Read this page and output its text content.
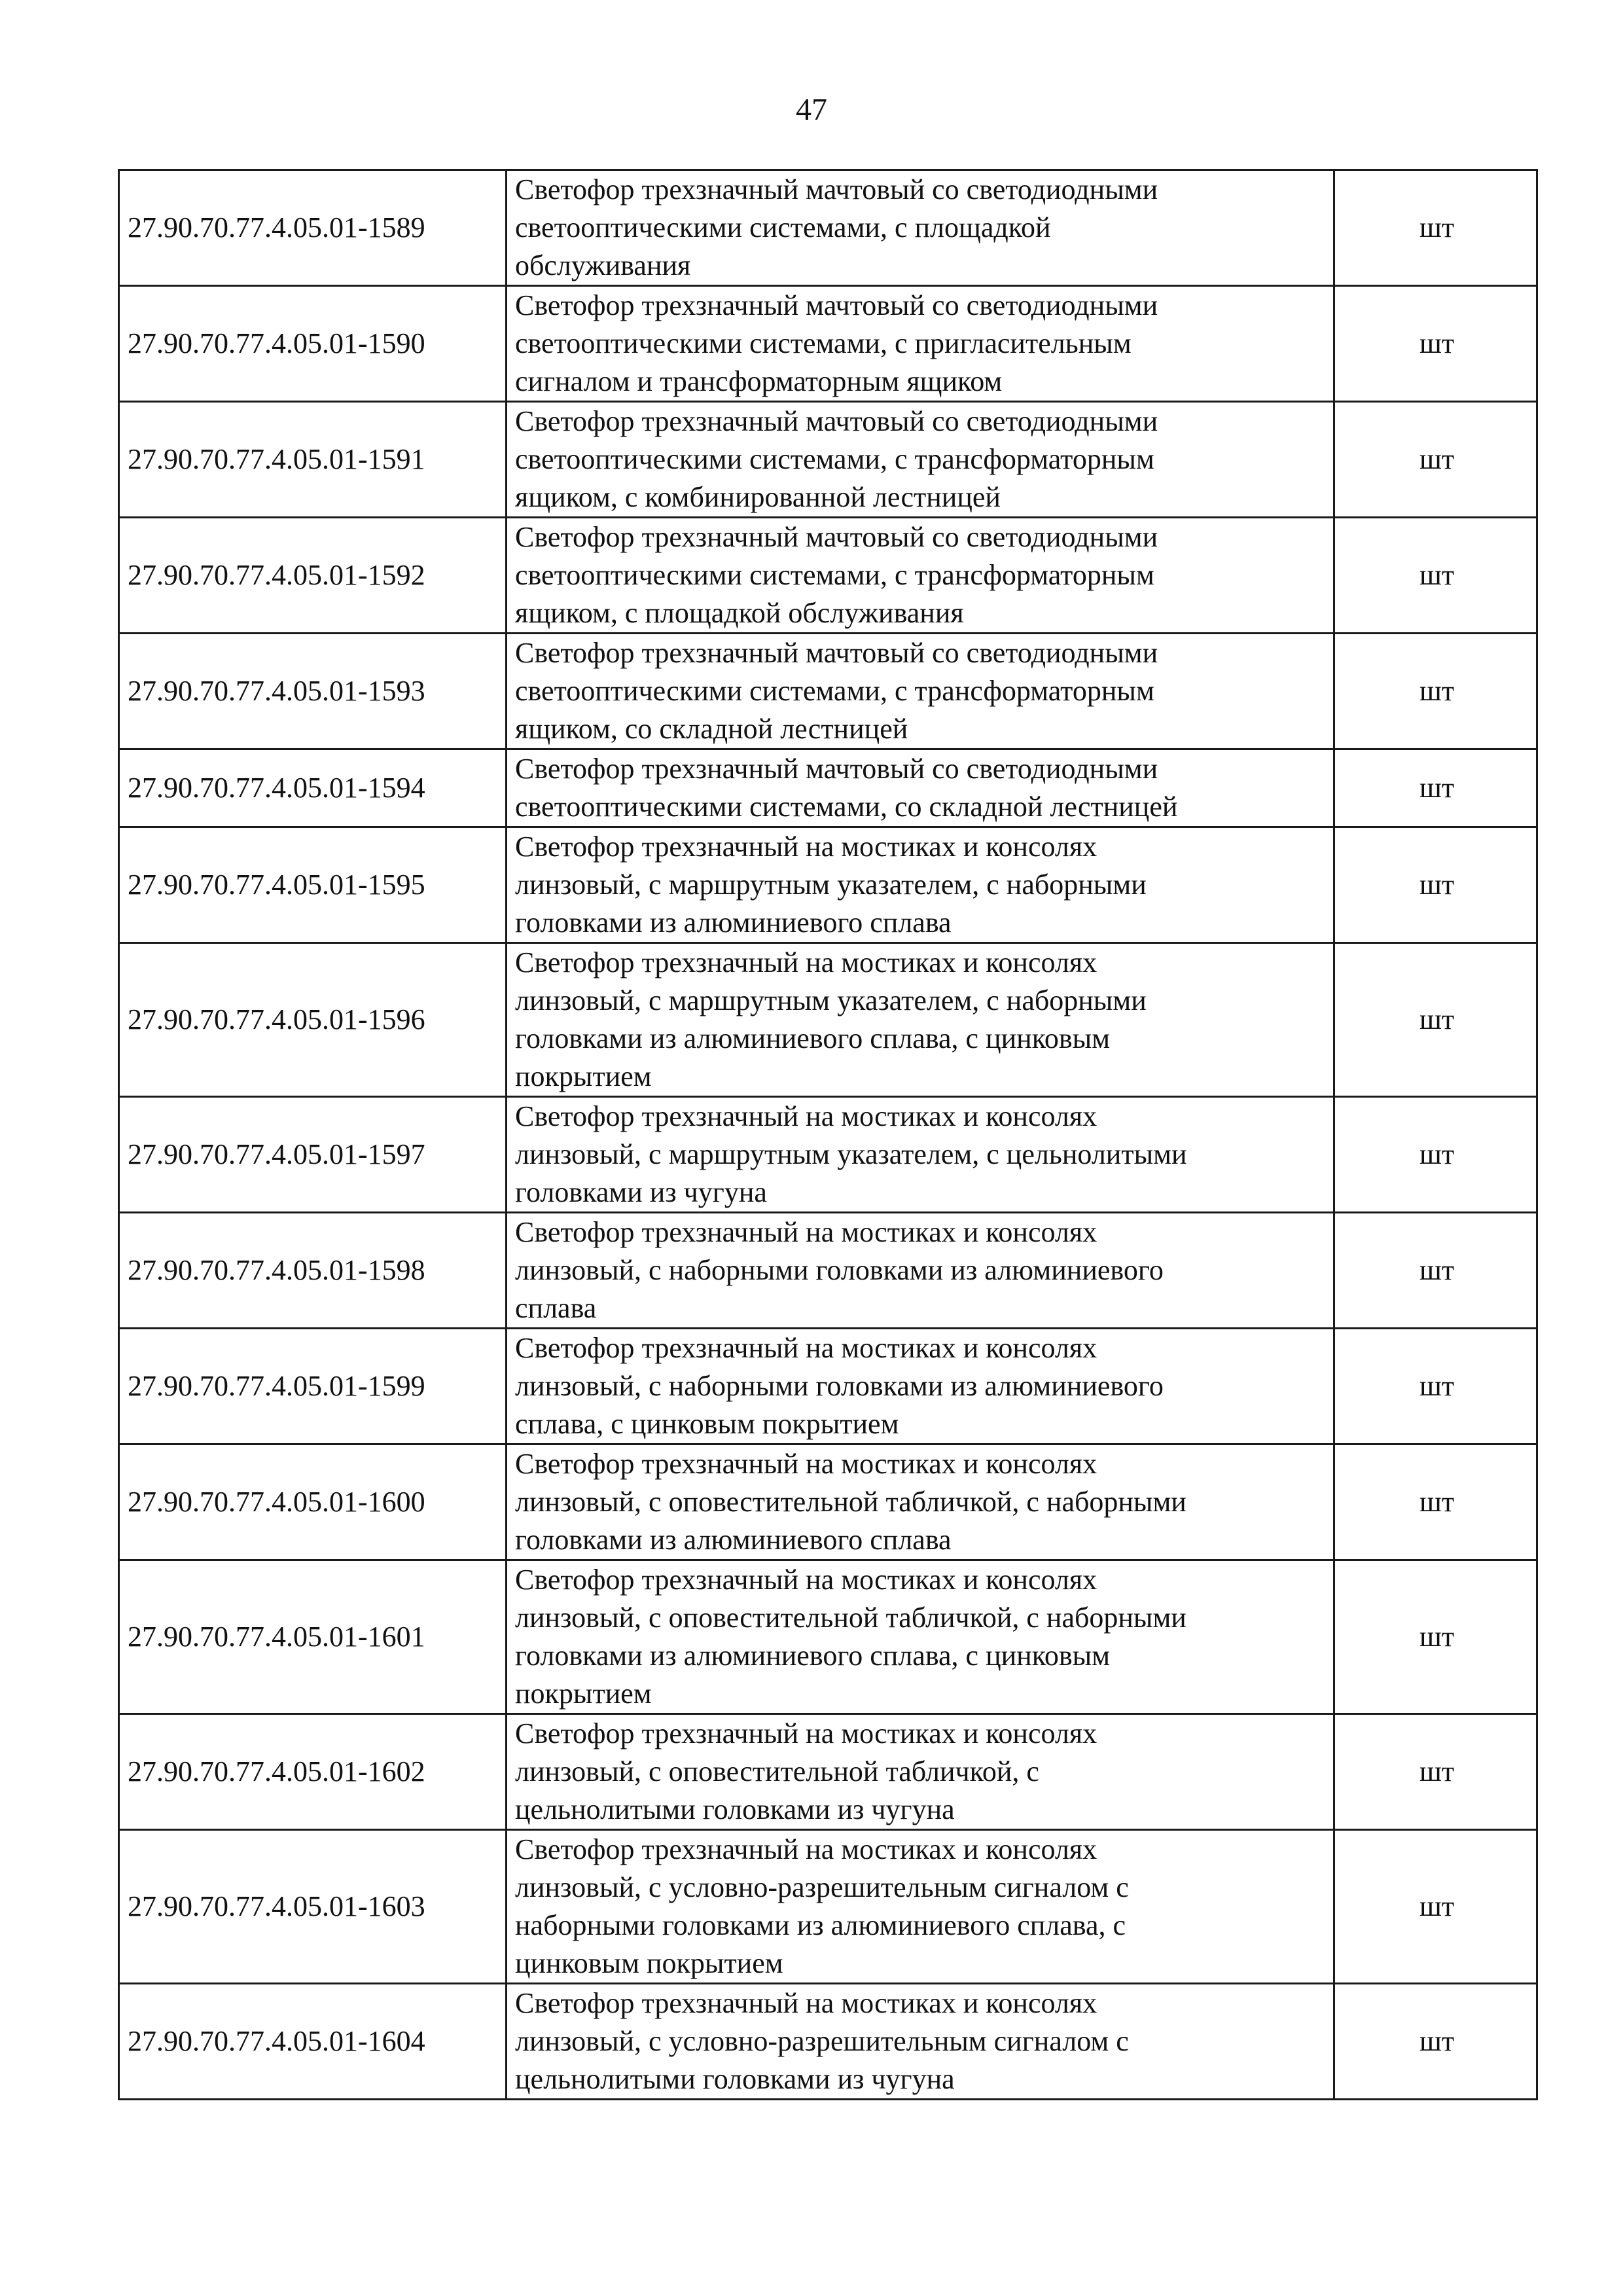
47
27.90.70.77.4.05.01-1589	Светофор трехзначный мачтовый со светодиодными
светооптическими системами, с площадкой
обслуживания	шт
27.90.70.77.4.05.01-1590	Светофор трехзначный мачтовый со светодиодными
светооптическими системами, с пригласительным
сигналом и трансформаторным ящиком	шт
27.90.70.77.4.05.01-1591	Светофор трехзначный мачтовый со светодиодными
светооптическими системами, с трансформаторным
ящиком, с комбинированной лестницей	шт
27.90.70.77.4.05.01-1592	Светофор трехзначный мачтовый со светодиодными
светооптическими системами, с трансформаторным
ящиком, с площадкой обслуживания	шт
27.90.70.77.4.05.01-1593	Светофор трехзначный мачтовый со светодиодными
светооптическими системами, с трансформаторным
ящиком, со складной лестницей	шт
27.90.70.77.4.05.01-1594	Светофор трехзначный мачтовый со светодиодными
светооптическими системами, со складной лестницей	шт
27.90.70.77.4.05.01-1595	Светофор трехзначный на мостиках и консолях
линзовый, с маршрутным указателем, с наборными
головками из алюминиевого сплава	шт
27.90.70.77.4.05.01-1596	Светофор трехзначный на мостиках и консолях
линзовый, с маршрутным указателем, с наборными
головками из алюминиевого сплава, с цинковым
покрытием	шт
27.90.70.77.4.05.01-1597	Светофор трехзначный на мостиках и консолях
линзовый, с маршрутным указателем, с цельнолитыми
головками из чугуна	шт
27.90.70.77.4.05.01-1598	Светофор трехзначный на мостиках и консолях
линзовый, с наборными головками из алюминиевого
сплава	шт
27.90.70.77.4.05.01-1599	Светофор трехзначный на мостиках и консолях
линзовый, с наборными головками из алюминиевого
сплава, с цинковым покрытием	шт
27.90.70.77.4.05.01-1600	Светофор трехзначный на мостиках и консолях
линзовый, с оповестительной табличкой, с наборными
головками из алюминиевого сплава	шт
27.90.70.77.4.05.01-1601	Светофор трехзначный на мостиках и консолях
линзовый, с оповестительной табличкой, с наборными
головками из алюминиевого сплава, с цинковым
покрытием	шт
27.90.70.77.4.05.01-1602	Светофор трехзначный на мостиках и консолях
линзовый, с оповестительной табличкой, с
цельнолитыми головками из чугуна	шт
27.90.70.77.4.05.01-1603	Светофор трехзначный на мостиках и консолях
линзовый, с условно-разрешительным сигналом с
наборными головками из алюминиевого сплава, с
цинковым покрытием	шт
27.90.70.77.4.05.01-1604	Светофор трехзначный на мостиках и консолях
линзовый, с условно-разрешительным сигналом с
цельнолитыми головками из чугуна	шт
